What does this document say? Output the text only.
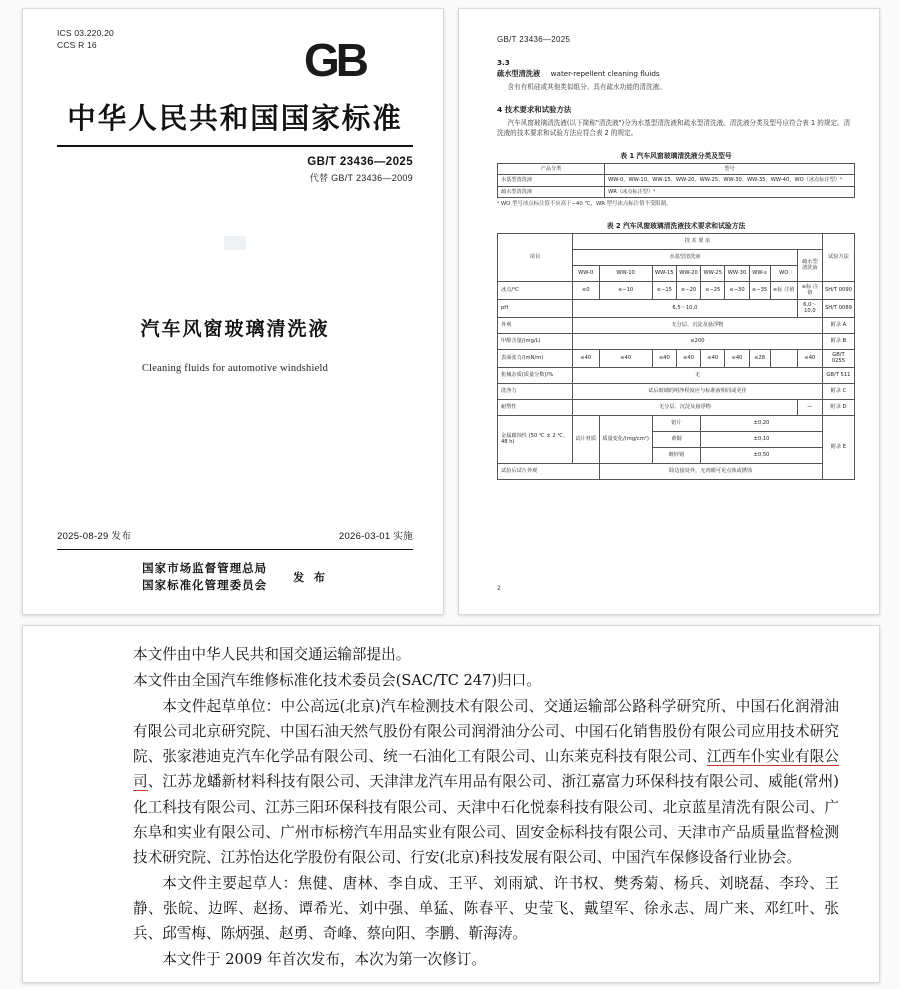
ICS 03.220.20
CCS R 16	GB
中华人民共和国国家标准
GB/T 23436—2025
代替 GB/T 23436—2009
汽车风窗玻璃清洗液
Cleaning fluids for automotive windshield
2025-08-29 发布	2026-03-01 实施
国家市场监督管理总局
国家标准化管理委员会
发 布
GB/T 23436—2025
3.3
疏水型清洗液 water-repellent cleaning fluids
含有有机硅或其他类似组分、具有疏水功能的清洗液。
4 技术要求和试验方法
汽车风窗玻璃清洗液(以下简称"清洗液")分为水基型清洗液和疏水型清洗液。清洗液分类及型号应符合表 1 的规定。清洗液的技术要求和试验方法应符合表 2 的规定。
表 1 汽车风窗玻璃清洗液分类及型号
产品分类	型号
水基型清洗液	WW-0、WW-10、WW-15、WW-20、WW-25、WW-30、WW-35、WW-40、WO（冰点标注型）ᵃ
疏水型清洗液	WR（冰点标注型）ᵃ
ᵃ WO 型号冰点标注值不应高于−40 ℃，WR 型号冰点标注值不受限制。
表 2 汽车风窗玻璃清洗液技术要求和试验方法
项目	技 术 要 求									试验方法
	水基型清洗液								疏水型清洗液	
	WW-0	WW-10	WW-15	WW-20	WW-25	WW-30	WW-s	WO		
冰点/℃	≤0	≤−10	≤−15	≤−20	≤−25	≤−30	≤−35	≤标 注值	≤标 注值	SH/T 0090
pH	6,5～10,0								6,0～ 10,0	SH/T 0089
外观	无分层、沉淀及悬浮物									附录 A
甲醇含量/(mg/L)	≤200									附录 B
表面张力/(mN/m)	≤40	≤40	≤40	≤40	≤40	≤40	≤28		≤40	GB/T 0255
机械杂质(质量分数)/%	无									GB/T 511
洗净力	试后玻璃的明净程度应与标准液相同或更佳									附录 C
耐塑性	无分层、沉淀及悬浮物								—	附录 D
金属腐蚀性 (50 ℃ ± 2 ℃，48 h)	试片材质	质量变化/(mg/cm²)	铝片		±0,20					附录 E
			黄铜		±0,10					
			镀锌钢		±0,50					
试验后试片外观		除边接处外，无肉眼可见点蚀或锈蚀								
2

本文件由中华人民共和国交通运输部提出。

本文件由全国汽车维修标准化技术委员会(SAC/TC 247)归口。

本文件起草单位：中公高远(北京)汽车检测技术有限公司、交通运输部公路科学研究所、中国石化润滑油有限公司北京研究院、中国石油天然气股份有限公司润滑油分公司、中国石化销售股份有限公司应用技术研究院、张家港迪克汽车化学品有限公司、统一石油化工有限公司、山东莱克科技有限公司、江西车仆实业有限公司、江苏龙蟠新材料科技有限公司、天津津龙汽车用品有限公司、浙江嘉富力环保科技有限公司、威能(常州)化工科技有限公司、江苏三阳环保科技有限公司、天津中石化悦泰科技有限公司、北京蓝星清洗有限公司、广东阜和实业有限公司、广州市标榜汽车用品实业有限公司、固安金标科技有限公司、天津市产品质量监督检测技术研究院、江苏怡达化学股份有限公司、行安(北京)科技发展有限公司、中国汽车保修设备行业协会。

本文件主要起草人：焦健、唐林、李自成、王平、刘雨斌、许书权、樊秀菊、杨兵、刘晓磊、李玲、王静、张皖、边晖、赵扬、谭希光、刘中强、单猛、陈春平、史莹飞、戴望军、徐永志、周广来、邓红叶、张兵、邱雪梅、陈炳强、赵勇、奇峰、蔡向阳、李鹏、靳海涛。

本文件于 2009 年首次发布，本次为第一次修订。
